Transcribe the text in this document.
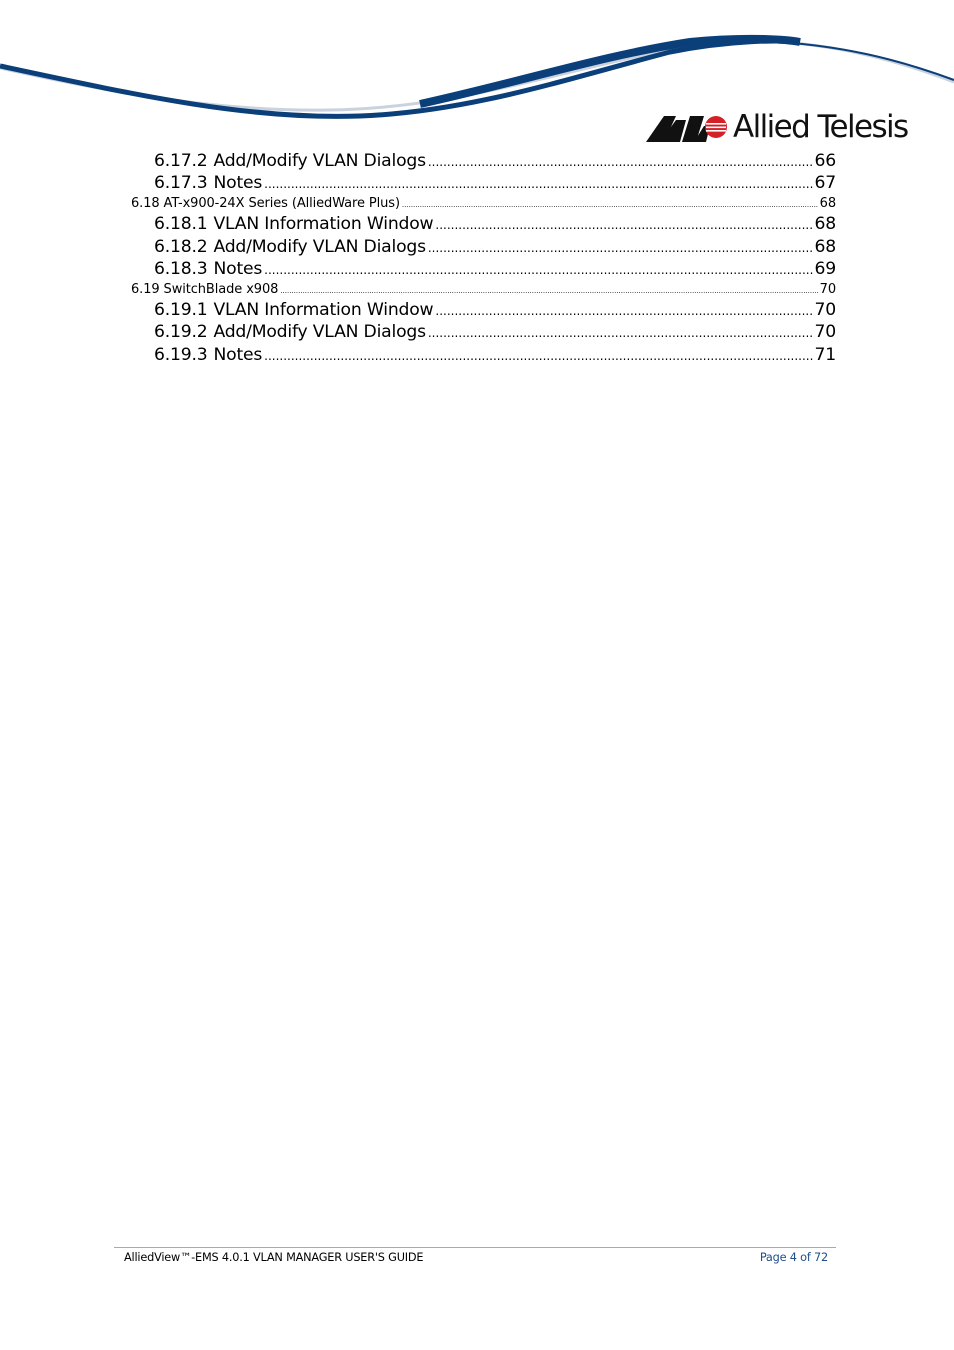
Allied Telesis
6.17.2 Add/Modify VLAN Dialogs .....	66
6.17.3 Notes .....	67
6.18 AT-x900-24X Series (AlliedWare Plus) .....	68
6.18.1 VLAN Information Window .....	68
6.18.2 Add/Modify VLAN Dialogs .....	68
6.18.3 Notes .....	69
6.19 SwitchBlade x908 .....	70
6.19.1 VLAN Information Window .....	70
6.19.2 Add/Modify VLAN Dialogs .....	70
6.19.3 Notes .....	71
AlliedView™-EMS 4.0.1 VLAN MANAGER USER'S GUIDE	Page 4 of 72
